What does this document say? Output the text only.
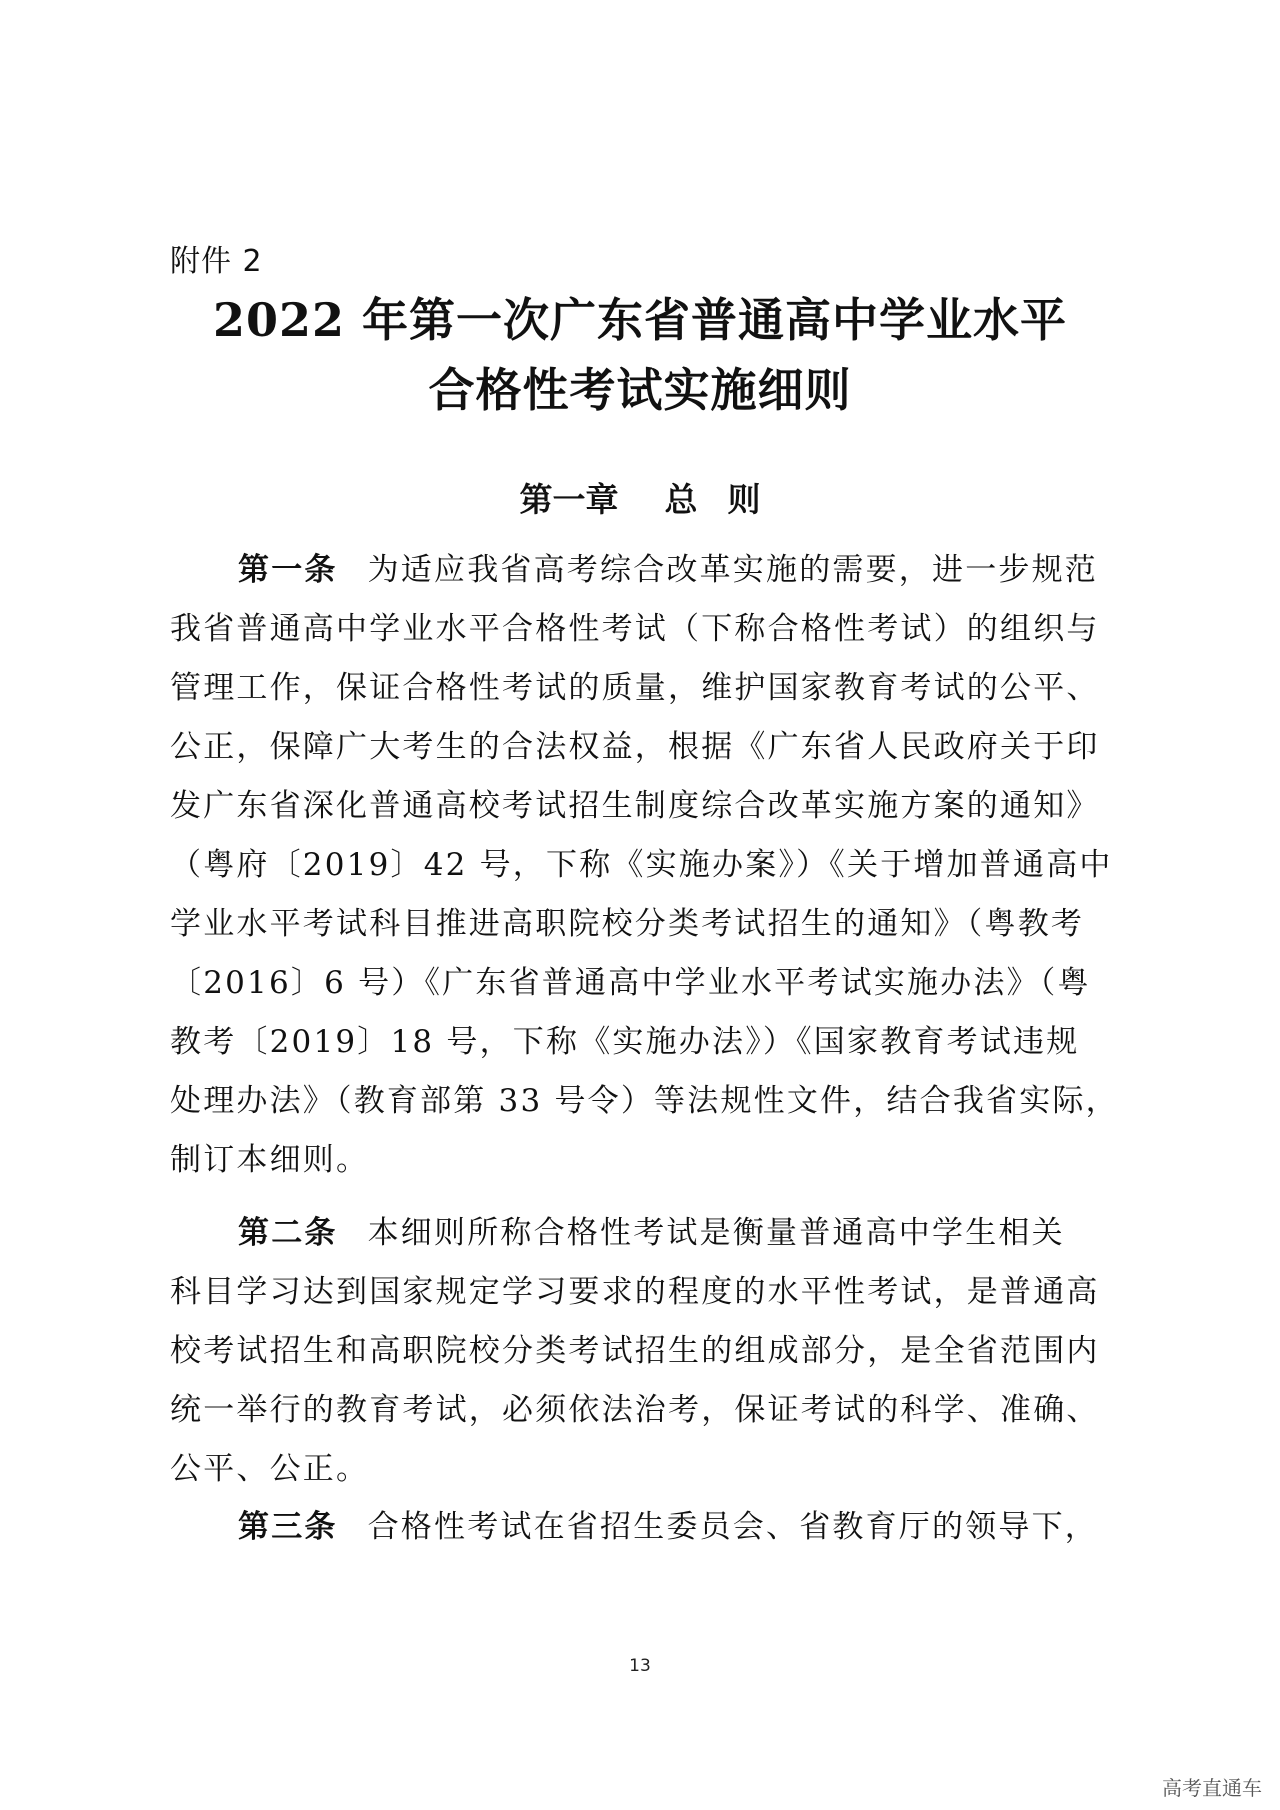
附件 2
2022 年第一次广东省普通高中学业水平
合格性考试实施细则
第一章 总 则
第一条 为适应我省高考综合改革实施的需要，进一步规范
我省普通高中学业水平合格性考试（下称合格性考试）的组织与
管理工作，保证合格性考试的质量，维护国家教育考试的公平、
公正，保障广大考生的合法权益，根据《广东省人民政府关于印
发广东省深化普通高校考试招生制度综合改革实施方案的通知》
（粤府〔2019〕42 号，下称《实施办案》）《关于增加普通高中
学业水平考试科目推进高职院校分类考试招生的通知》（粤教考
〔2016〕6 号）《广东省普通高中学业水平考试实施办法》（粤
教考〔2019〕18 号，下称《实施办法》）《国家教育考试违规
处理办法》（教育部第 33 号令）等法规性文件，结合我省实际，
制订本细则。
第二条 本细则所称合格性考试是衡量普通高中学生相关
科目学习达到国家规定学习要求的程度的水平性考试，是普通高
校考试招生和高职院校分类考试招生的组成部分，是全省范围内
统一举行的教育考试，必须依法治考，保证考试的科学、准确、
公平、公正。
第三条 合格性考试在省招生委员会、省教育厅的领导下，
13
高考直通车
